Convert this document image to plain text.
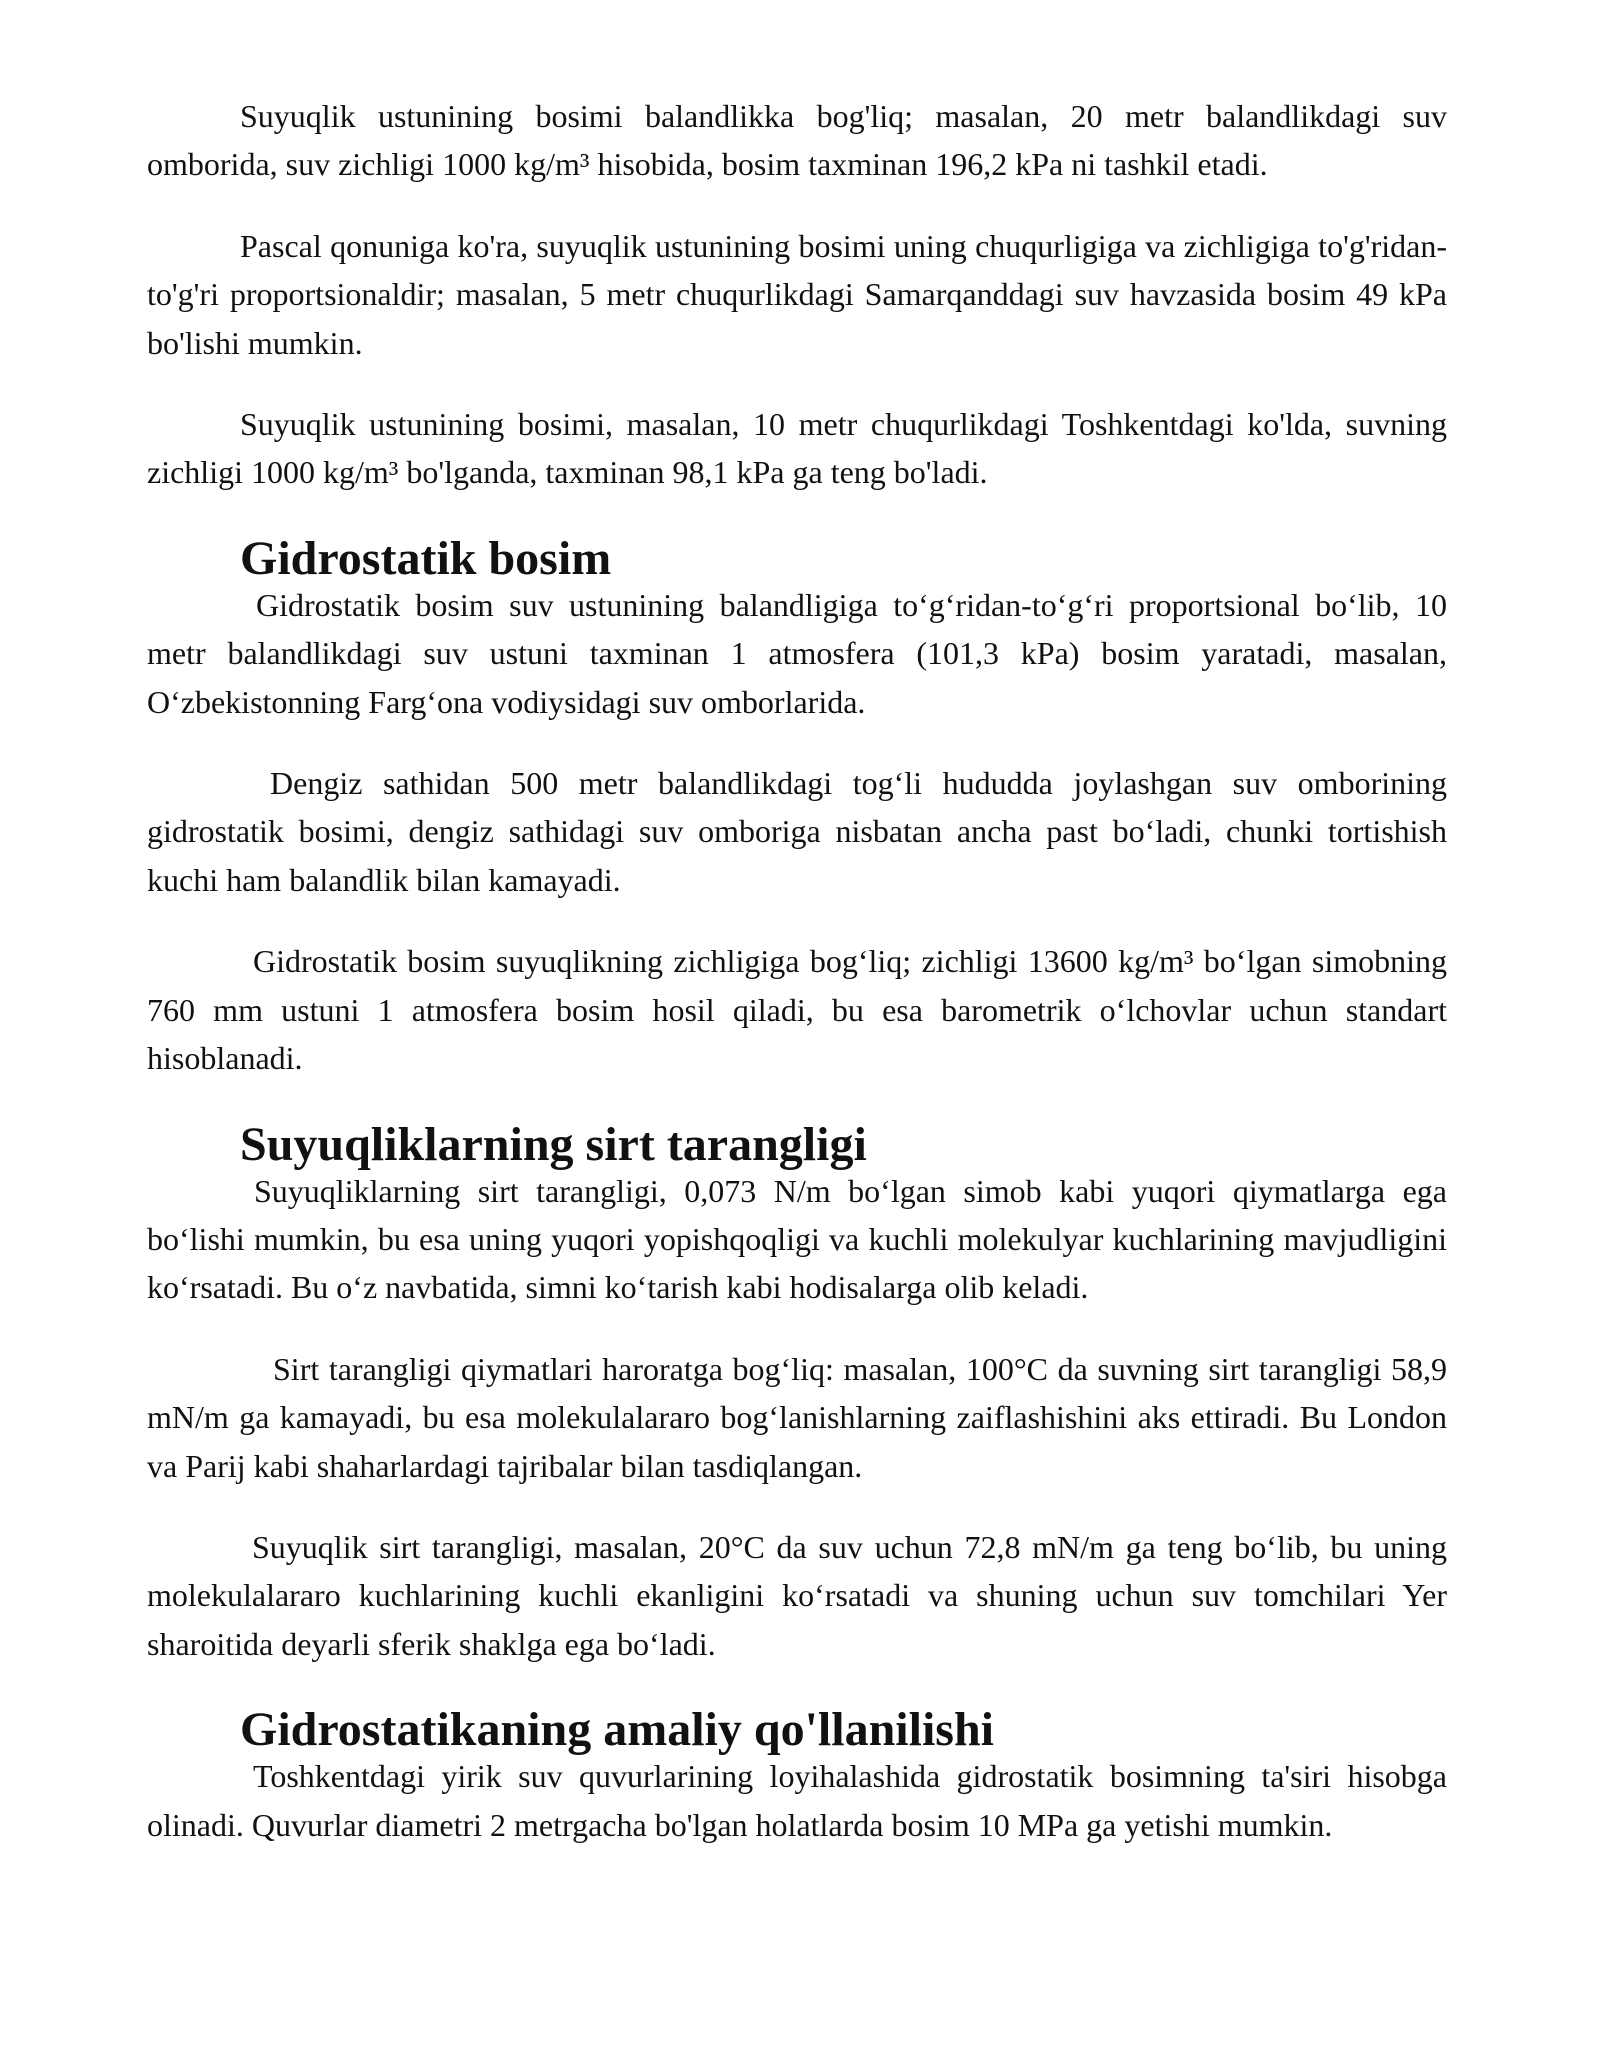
Suyuqlik ustunining bosimi balandlikka bog'liq; masalan, 20 metr balandlikdagi suv omborida, suv zichligi 1000 kg/m³ hisobida, bosim taxminan 196,2 kPa ni tashkil etadi.

Pascal qonuniga ko'ra, suyuqlik ustunining bosimi uning chuqurligiga va zichligiga to'g'ridan-to'g'ri proportsionaldir; masalan, 5 metr chuqurlikdagi Samarqanddagi suv havzasida bosim 49 kPa bo'lishi mumkin.

Suyuqlik ustunining bosimi, masalan, 10 metr chuqurlikdagi Toshkentdagi ko'lda, suvning zichligi 1000 kg/m³ bo'lganda, taxminan 98,1 kPa ga teng bo'ladi.

Gidrostatik bosim

Gidrostatik bosim suv ustunining balandligiga to‘g‘ridan-to‘g‘ri proportsional bo‘lib, 10 metr balandlikdagi suv ustuni taxminan 1 atmosfera (101,3 kPa) bosim yaratadi, masalan, O‘zbekistonning Farg‘ona vodiysidagi suv omborlarida.

Dengiz sathidan 500 metr balandlikdagi tog‘li hududda joylashgan suv omborining gidrostatik bosimi, dengiz sathidagi suv omboriga nisbatan ancha past bo‘ladi, chunki tortishish kuchi ham balandlik bilan kamayadi.

Gidrostatik bosim suyuqlikning zichligiga bog‘liq; zichligi 13600 kg/m³ bo‘lgan simobning 760 mm ustuni 1 atmosfera bosim hosil qiladi, bu esa barometrik o‘lchovlar uchun standart hisoblanadi.

Suyuqliklarning sirt tarangligi

Suyuqliklarning sirt tarangligi, 0,073 N/m bo‘lgan simob kabi yuqori qiymatlarga ega bo‘lishi mumkin, bu esa uning yuqori yopishqoqligi va kuchli molekulyar kuchlarining mavjudligini ko‘rsatadi. Bu o‘z navbatida, simni ko‘tarish kabi hodisalarga olib keladi.

Sirt tarangligi qiymatlari haroratga bog‘liq: masalan, 100°C da suvning sirt tarangligi 58,9 mN/m ga kamayadi, bu esa molekulalararo bog‘lanishlarning zaiflashishini aks ettiradi. Bu London va Parij kabi shaharlardagi tajribalar bilan tasdiqlangan.

Suyuqlik sirt tarangligi, masalan, 20°C da suv uchun 72,8 mN/m ga teng bo‘lib, bu uning molekulalararo kuchlarining kuchli ekanligini ko‘rsatadi va shuning uchun suv tomchilari Yer sharoitida deyarli sferik shaklga ega bo‘ladi.

Gidrostatikaning amaliy qo'llanilishi

Toshkentdagi yirik suv quvurlarining loyihalashida gidrostatik bosimning ta'siri hisobga olinadi. Quvurlar diametri 2 metrgacha bo'lgan holatlarda bosim 10 MPa ga yetishi mumkin.
